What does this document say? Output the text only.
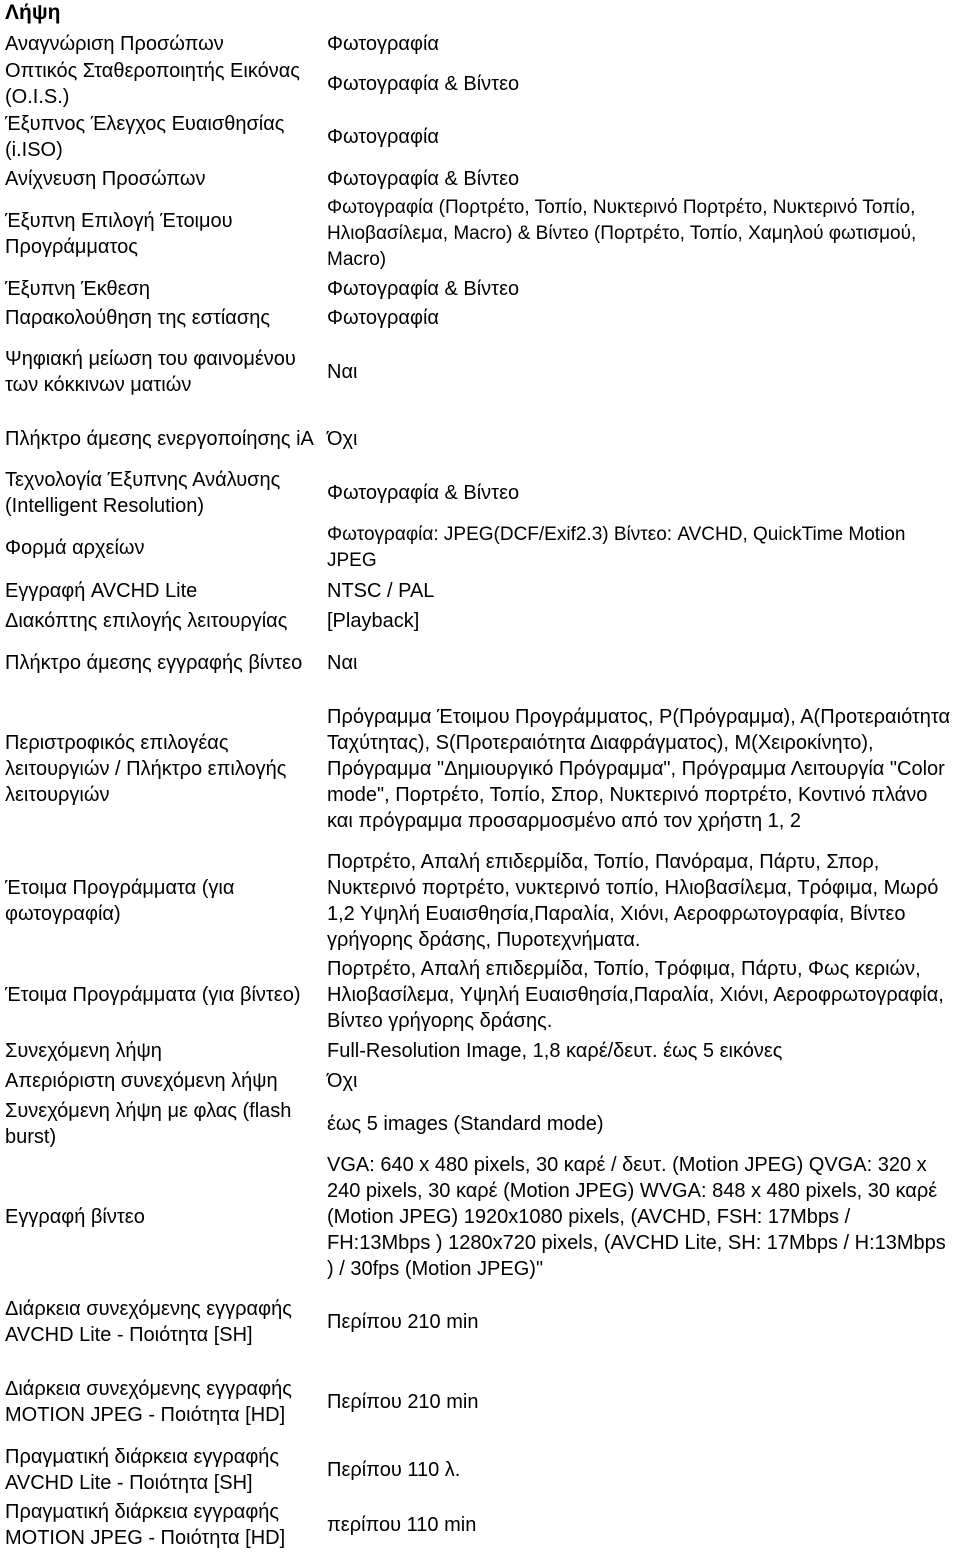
Λήψη
Αναγνώριση Προσώπων	Φωτογραφία
Οπτικός Σταθεροποιητής Εικόνας (O.I.S.)	Φωτογραφία & Βίντεο
Έξυπνος Έλεγχος Ευαισθησίας (i.ISO)	Φωτογραφία
Ανίχνευση Προσώπων	Φωτογραφία & Βίντεο
Έξυπνη Επιλογή Έτοιμου Προγράμματος	Φωτογραφία (Πορτρέτο, Τοπίο, Νυκτερινό Πορτρέτο, Νυκτερινό Τοπίο, Ηλιοβασίλεμα, Macro) & Βίντεο (Πορτρέτο, Τοπίο, Χαμηλού φωτισμού, Macro)
Έξυπνη Έκθεση	Φωτογραφία & Βίντεο
Παρακολούθηση της εστίασης	Φωτογραφία
Ψηφιακή μείωση του φαινομένου των κόκκινων ματιών	Ναι
Πλήκτρο άμεσης ενεργοποίησης iA	Όχι
Τεχνολογία Έξυπνης Ανάλυσης (Intelligent Resolution)	Φωτογραφία & Βίντεο
Φορμά αρχείων	Φωτογραφία: JPEG(DCF/Exif2.3) Βίντεο: AVCHD, QuickTime Motion JPEG
Εγγραφή AVCHD Lite	NTSC / PAL
Διακόπτης επιλογής λειτουργίας	[Playback]
Πλήκτρο άμεσης εγγραφής βίντεο	Ναι
Περιστροφικός επιλογέας λειτουργιών / Πλήκτρο επιλογής λειτουργιών	Πρόγραμμα Έτοιμου Προγράμματος, P(Πρόγραμμα), A(Προτεραιότητα Ταχύτητας), S(Προτεραιότητα Διαφράγματος), M(Χειροκίνητο), Πρόγραμμα "Δημιουργικό Πρόγραμμα", Πρόγραμμα Λειτουργία "Color mode", Πορτρέτο, Τοπίο, Σπορ, Νυκτερινό πορτρέτο, Κοντινό πλάνο και πρόγραμμα προσαρμοσμένο από τον χρήστη 1, 2
Έτοιμα Προγράμματα (για φωτογραφία)	Πορτρέτο, Απαλή επιδερμίδα, Τοπίο, Πανόραμα, Πάρτυ, Σπορ, Νυκτερινό πορτρέτο, νυκτερινό τοπίο, Ηλιοβασίλεμα, Τρόφιμα, Μωρό 1,2 Υψηλή Ευαισθησία,Παραλία, Χιόνι, Αεροφρωτογραφία, Βίντεο γρήγορης δράσης, Πυροτεχνήματα.
Έτοιμα Προγράμματα (για βίντεο)	Πορτρέτο, Απαλή επιδερμίδα, Τοπίο, Τρόφιμα, Πάρτυ, Φως κεριών, Ηλιοβασίλεμα, Υψηλή Ευαισθησία,Παραλία, Χιόνι, Αεροφρωτογραφία, Βίντεο γρήγορης δράσης.
Συνεχόμενη λήψη	Full-Resolution Image, 1,8 καρέ/δευτ. έως 5 εικόνες
Απεριόριστη συνεχόμενη λήψη	Όχι
Συνεχόμενη λήψη με φλας (flash burst)	έως 5 images (Standard mode)
Εγγραφή βίντεο	VGA: 640 x 480 pixels, 30 καρέ / δευτ. (Motion JPEG) QVGA: 320 x 240 pixels, 30 καρέ (Motion JPEG) WVGA: 848 x 480 pixels, 30 καρέ (Motion JPEG) 1920x1080 pixels, (AVCHD, FSH: 17Mbps / FH:13Mbps ) 1280x720 pixels, (AVCHD Lite, SH: 17Mbps / H:13Mbps ) / 30fps (Motion JPEG)"
Διάρκεια συνεχόμενης εγγραφής AVCHD Lite - Ποιότητα [SH]	Περίπου 210 min
Διάρκεια συνεχόμενης εγγραφής MOTION JPEG - Ποιότητα [HD]	Περίπου 210 min
Πραγματική διάρκεια εγγραφής AVCHD Lite - Ποιότητα [SH]	Περίπου 110 λ.
Πραγματική διάρκεια εγγραφής MOTION JPEG - Ποιότητα [HD]	περίπου 110 min
